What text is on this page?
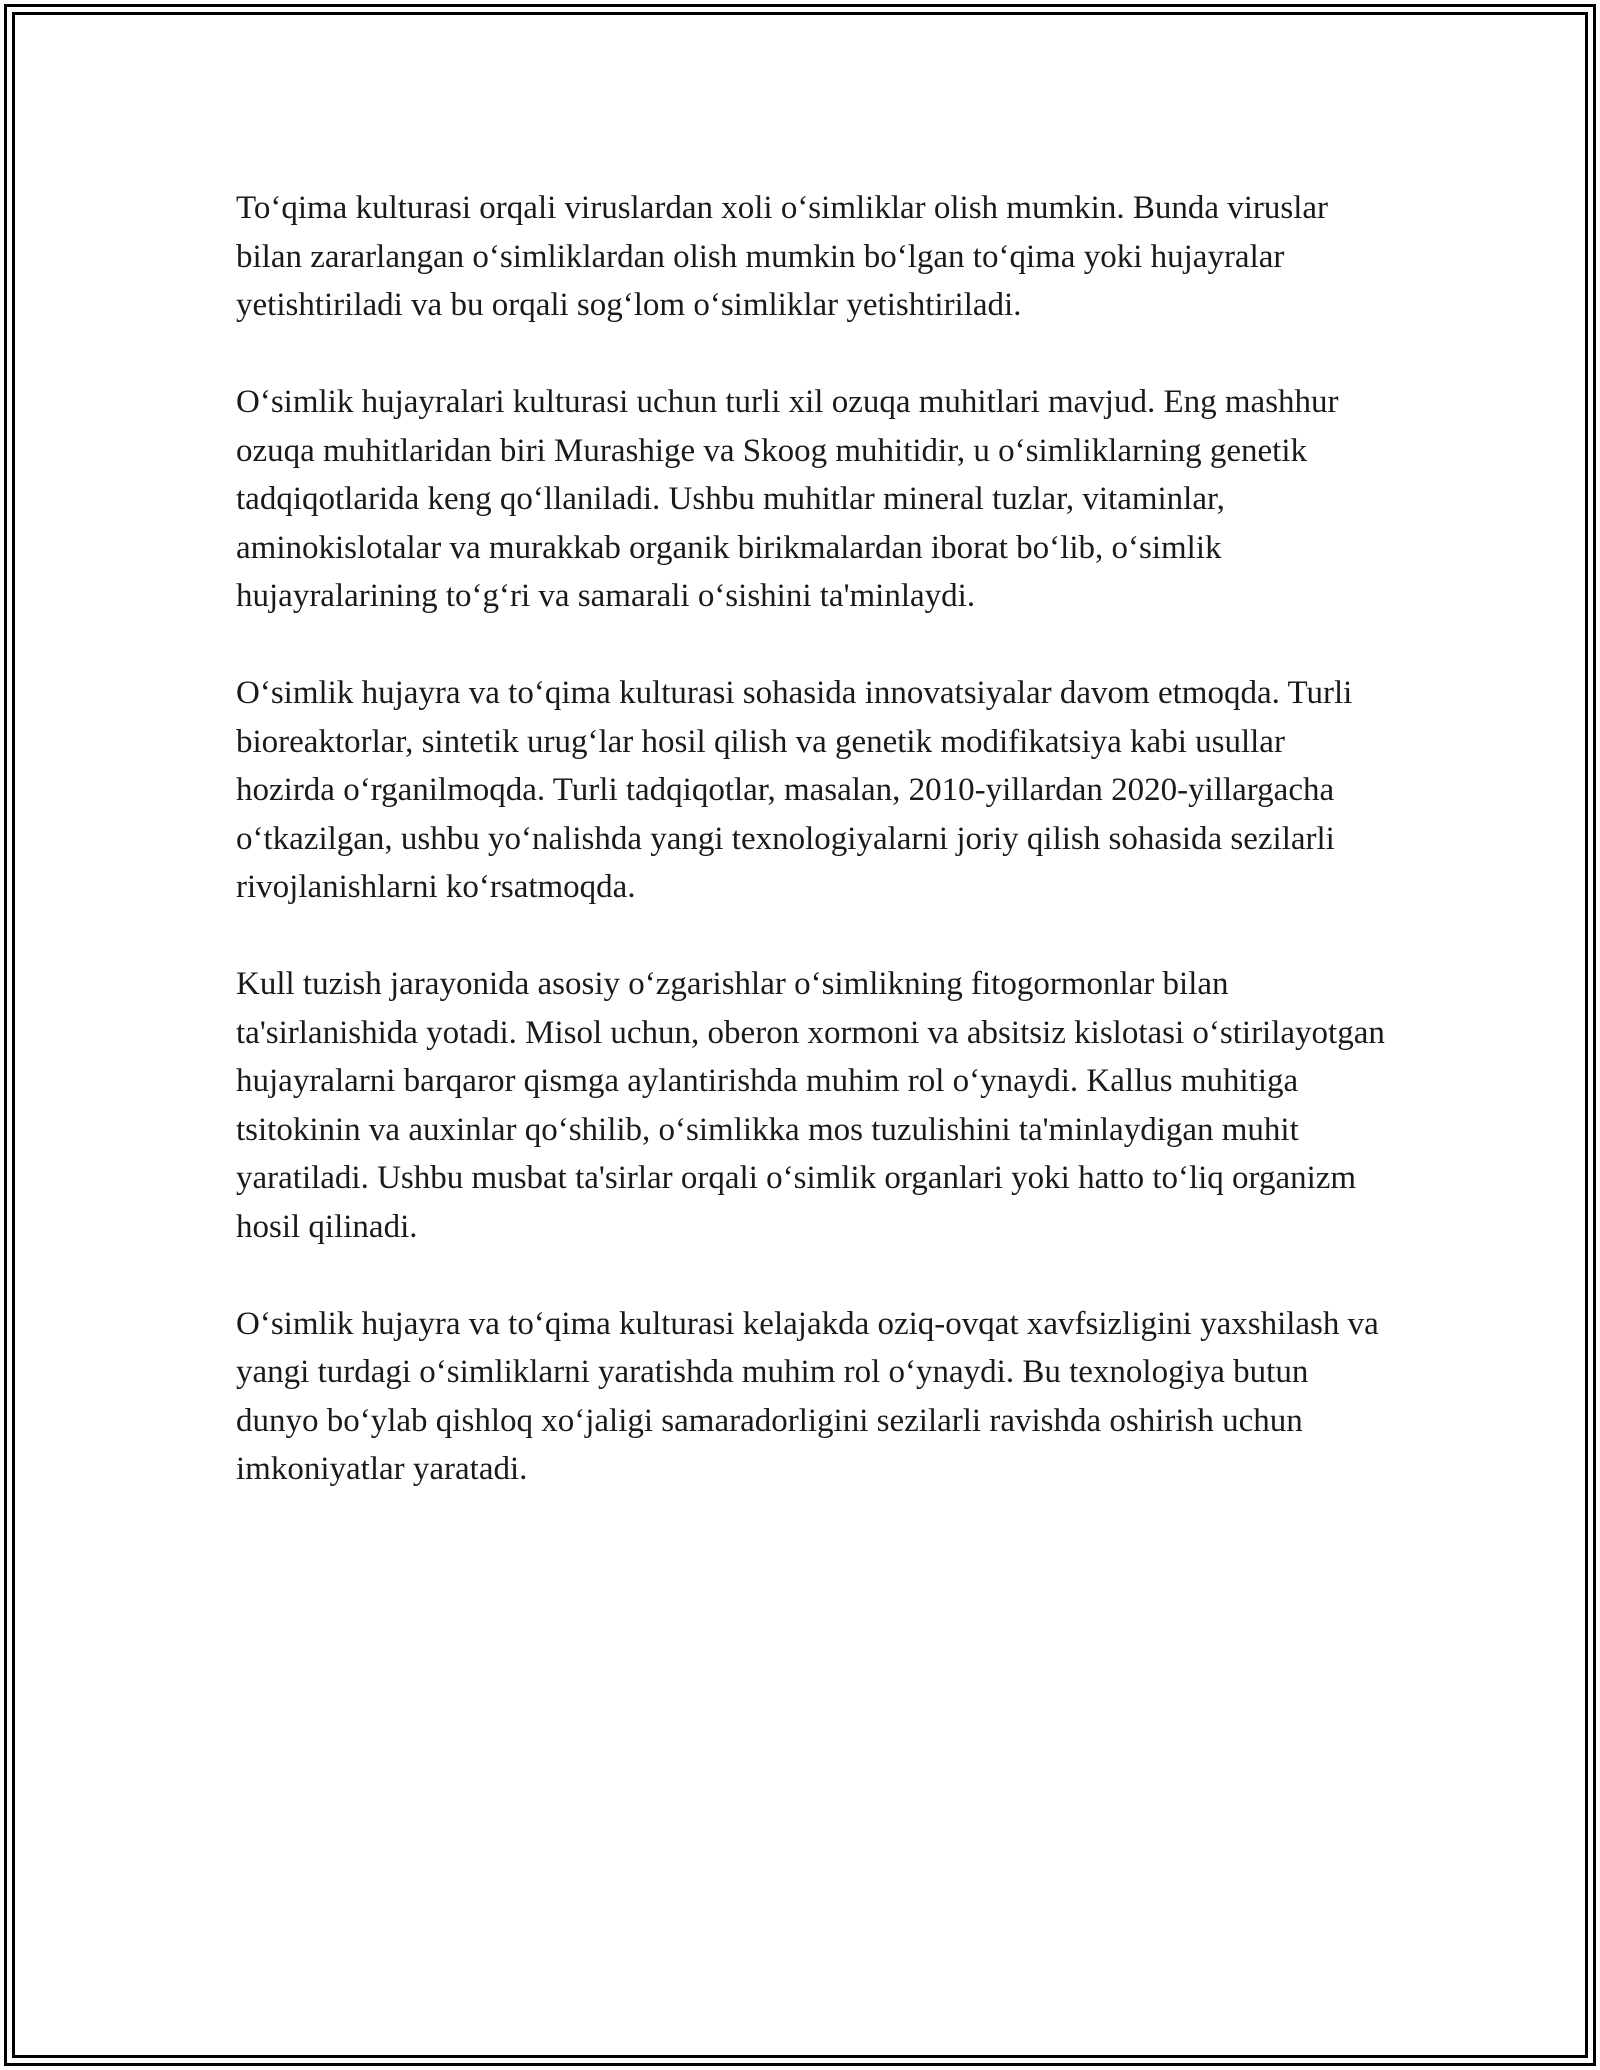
To‘qima kulturasi orqali viruslardan xoli o‘simliklar olish mumkin. Bunda viruslar bilan zararlangan o‘simliklardan olish mumkin bo‘lgan to‘qima yoki hujayralar yetishtiriladi va bu orqali sog‘lom o‘simliklar yetishtiriladi.

O‘simlik hujayralari kulturasi uchun turli xil ozuqa muhitlari mavjud. Eng mashhur ozuqa muhitlaridan biri Murashige va Skoog muhitidir, u o‘simliklarning genetik tadqiqotlarida keng qo‘llaniladi. Ushbu muhitlar mineral tuzlar, vitaminlar, aminokislotalar va murakkab organik birikmalardan iborat bo‘lib, o‘simlik hujayralarining to‘g‘ri va samarali o‘sishini ta'minlaydi.

O‘simlik hujayra va to‘qima kulturasi sohasida innovatsiyalar davom etmoqda. Turli bioreaktorlar, sintetik urug‘lar hosil qilish va genetik modifikatsiya kabi usullar hozirda o‘rganilmoqda. Turli tadqiqotlar, masalan, 2010-yillardan 2020-yillargacha o‘tkazilgan, ushbu yo‘nalishda yangi texnologiyalarni joriy qilish sohasida sezilarli rivojlanishlarni ko‘rsatmoqda.

Kull tuzish jarayonida asosiy o‘zgarishlar o‘simlikning fitogormonlar bilan ta'sirlanishida yotadi. Misol uchun, oberon xormoni va absitsiz kislotasi o‘stirilayotgan hujayralarni barqaror qismga aylantirishda muhim rol o‘ynaydi. Kallus muhitiga tsitokinin va auxinlar qo‘shilib, o‘simlikka mos tuzulishini ta'minlaydigan muhit yaratiladi. Ushbu musbat ta'sirlar orqali o‘simlik organlari yoki hatto to‘liq organizm hosil qilinadi.

O‘simlik hujayra va to‘qima kulturasi kelajakda oziq-ovqat xavfsizligini yaxshilash va yangi turdagi o‘simliklarni yaratishda muhim rol o‘ynaydi. Bu texnologiya butun dunyo bo‘ylab qishloq xo‘jaligi samaradorligini sezilarli ravishda oshirish uchun imkoniyatlar yaratadi.
